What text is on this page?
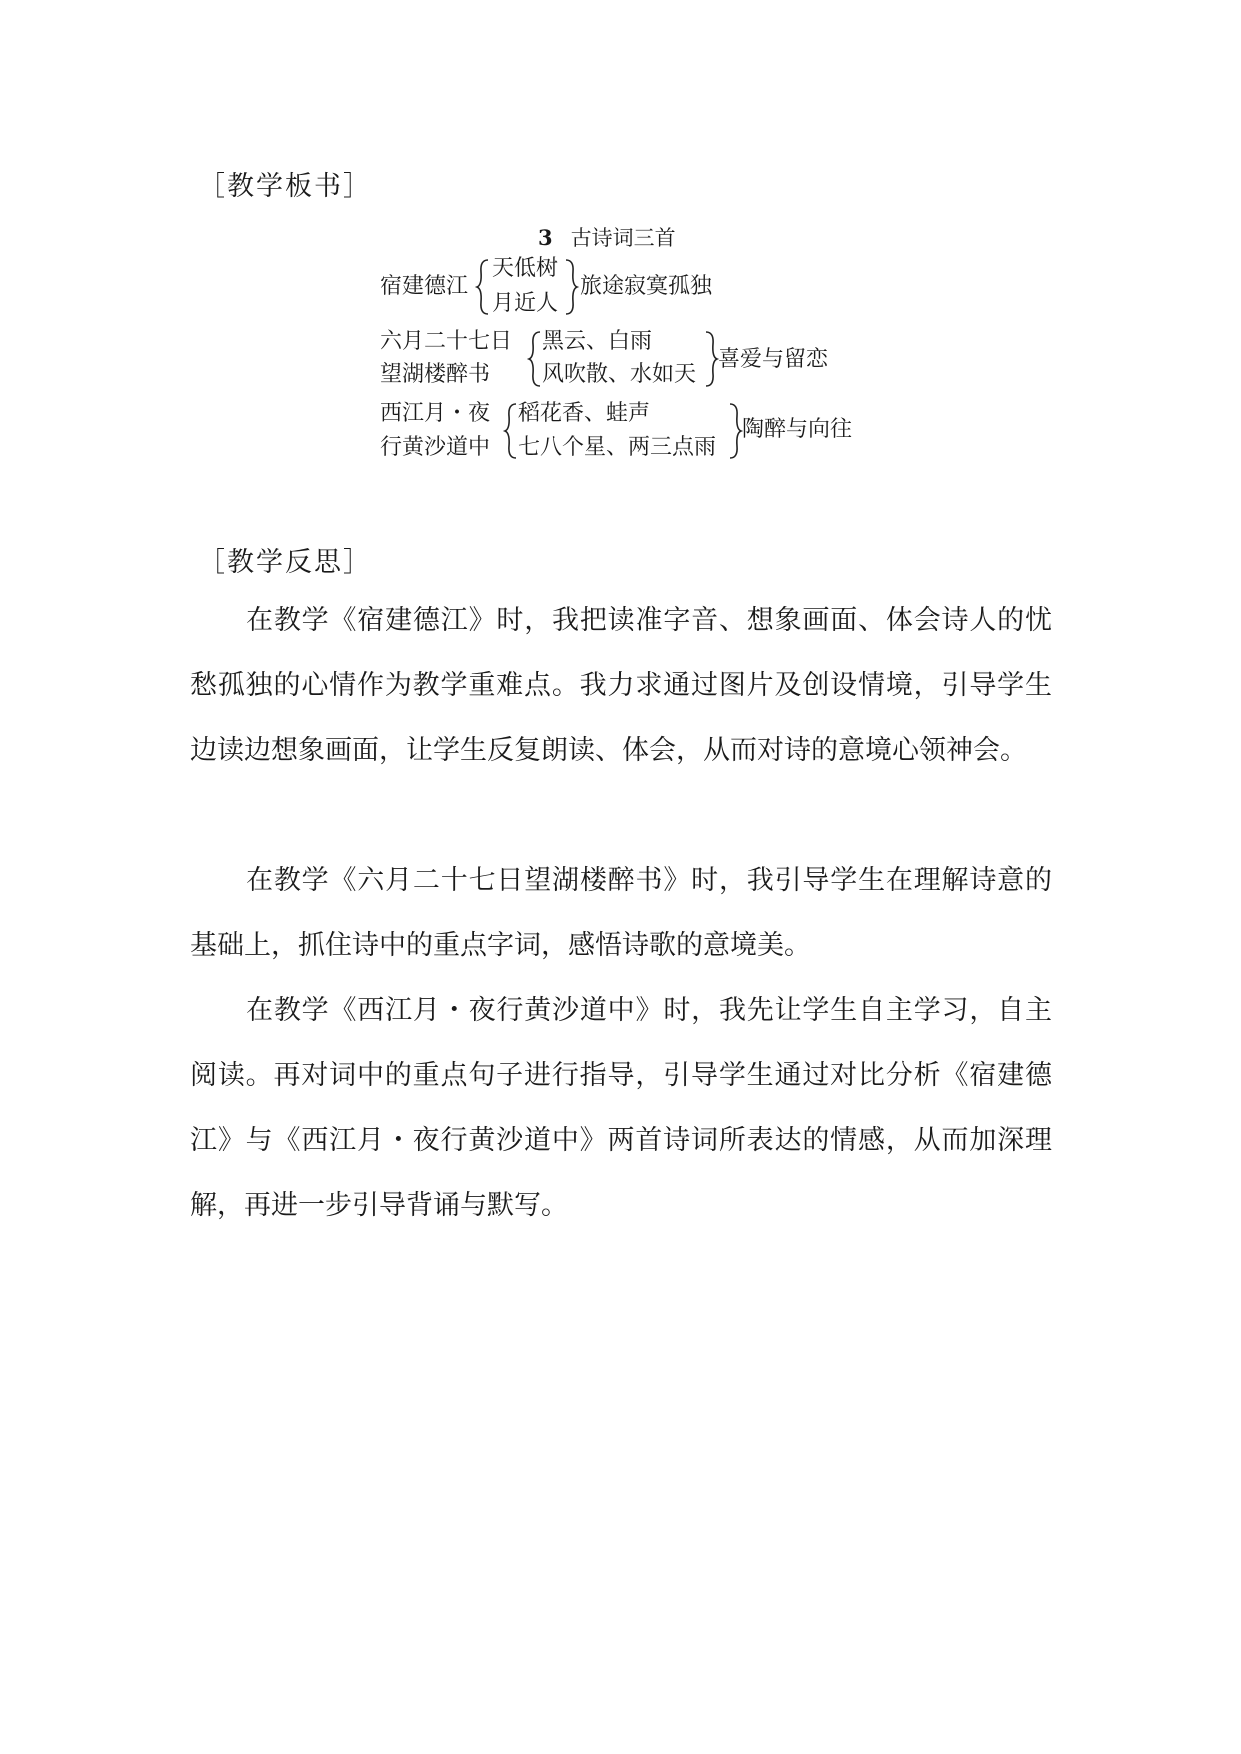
［教学板书］
3 古诗词三首
宿建德江
天低树
月近人
旅途寂寞孤独
六月二十七日
望湖楼醉书
黑云、白雨
风吹散、水如天
喜爱与留恋
西江月・夜
行黄沙道中
稻花香、蛙声
七八个星、两三点雨
陶醉与向往
［教学反思］

在教学《宿建德江》时，我把读准字音、想象画面、体会诗人的忧愁孤独的心情作为教学重难点。我力求通过图片及创设情境，引导学生边读边想象画面，让学生反复朗读、体会，从而对诗的意境心领神会。

在教学《六月二十七日望湖楼醉书》时，我引导学生在理解诗意的基础上，抓住诗中的重点字词，感悟诗歌的意境美。

在教学《西江月・夜行黄沙道中》时，我先让学生自主学习，自主阅读。再对词中的重点句子进行指导，引导学生通过对比分析《宿建德江》与《西江月・夜行黄沙道中》两首诗词所表达的情感，从而加深理解，再进一步引导背诵与默写。
